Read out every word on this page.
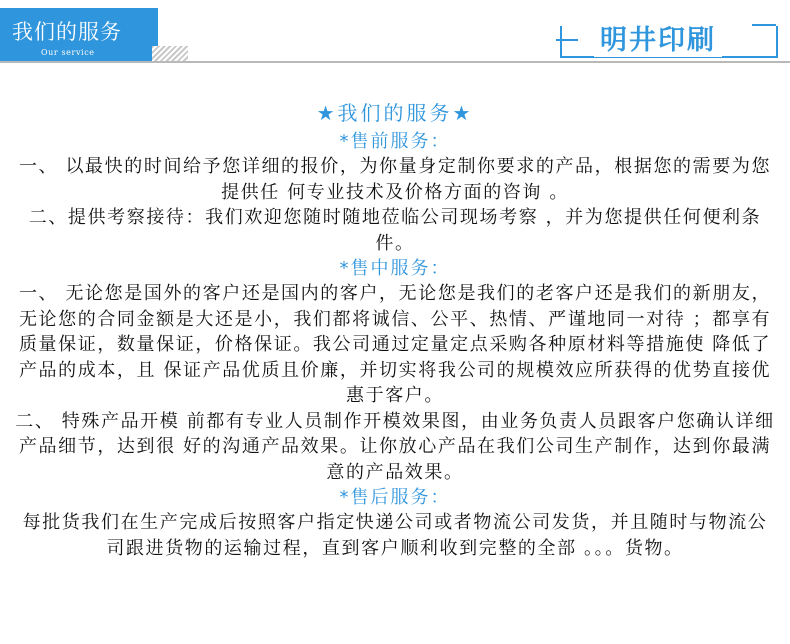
我们的服务
Our service	明井印刷
★我们的服务★
*售前服务：
一、 以最快的时间给予您详细的报价，为你量身定制你要求的产品，根据您的需要为您提供任 何专业技术及价格方面的咨询 。
二、提供考察接待：我们欢迎您随时随地莅临公司现场考察 ，并为您提供任何便利条件。
*售中服务：
一、 无论您是国外的客户还是国内的客户，无论您是我们的老客户还是我们的新朋友，无论您的合同金额是大还是小，我们都将诚信、公平、热情、严谨地同一对待 ；都享有质量保证，数量保证，价格保证。我公司通过定量定点采购各种原材料等措施使 降低了产品的成本，且 保证产品优质且价廉，并切实将我公司的规模效应所获得的优势直接优惠于客户。
二、 特殊产品开模 前都有专业人员制作开模效果图，由业务负责人员跟客户您确认详细产品细节，达到很 好的沟通产品效果。让你放心产品在我们公司生产制作，达到你最满意的产品效果。
*售后服务：
每批货我们在生产完成后按照客户指定快递公司或者物流公司发货，并且随时与物流公司跟进货物的运输过程，直到客户顺利收到完整的全部 。。。货物。
